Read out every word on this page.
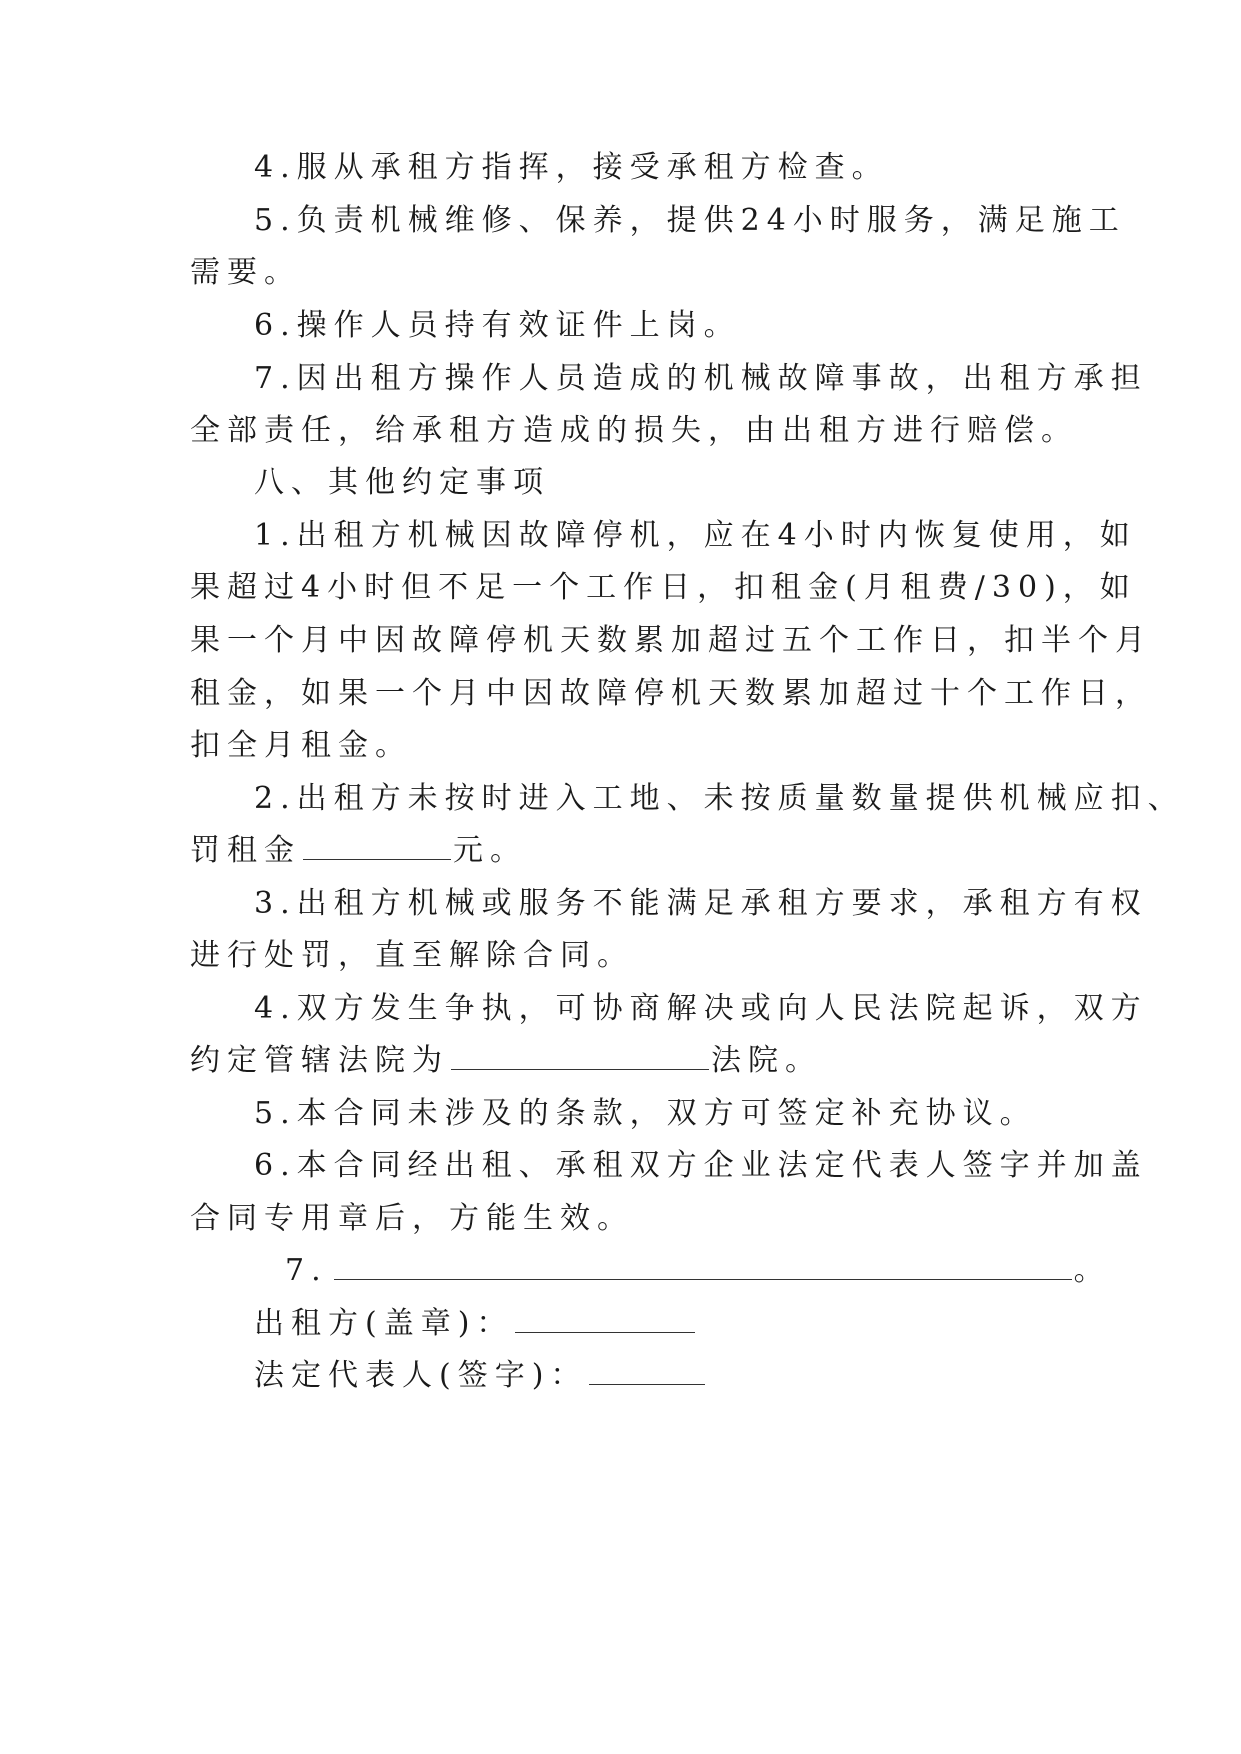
4.服从承租方指挥，接受承租方检查。
5.负责机械维修、保养，提供24小时服务，满足施工
需要。
6.操作人员持有效证件上岗。
7.因出租方操作人员造成的机械故障事故，出租方承担
全部责任，给承租方造成的损失，由出租方进行赔偿。
八、其他约定事项
1.出租方机械因故障停机，应在4小时内恢复使用，如
果超过4小时但不足一个工作日，扣租金(月租费/30)，如
果一个月中因故障停机天数累加超过五个工作日，扣半个月
租金，如果一个月中因故障停机天数累加超过十个工作日，
扣全月租金。
2.出租方未按时进入工地、未按质量数量提供机械应扣、
罚租金	元。
3.出租方机械或服务不能满足承租方要求，承租方有权
进行处罚，直至解除合同。
4.双方发生争执，可协商解决或向人民法院起诉，双方
约定管辖法院为	法院。
5.本合同未涉及的条款，双方可签定补充协议。
6.本合同经出租、承租双方企业法定代表人签字并加盖
合同专用章后，方能生效。
7.	。
出租方(盖章)：
法定代表人(签字)：
